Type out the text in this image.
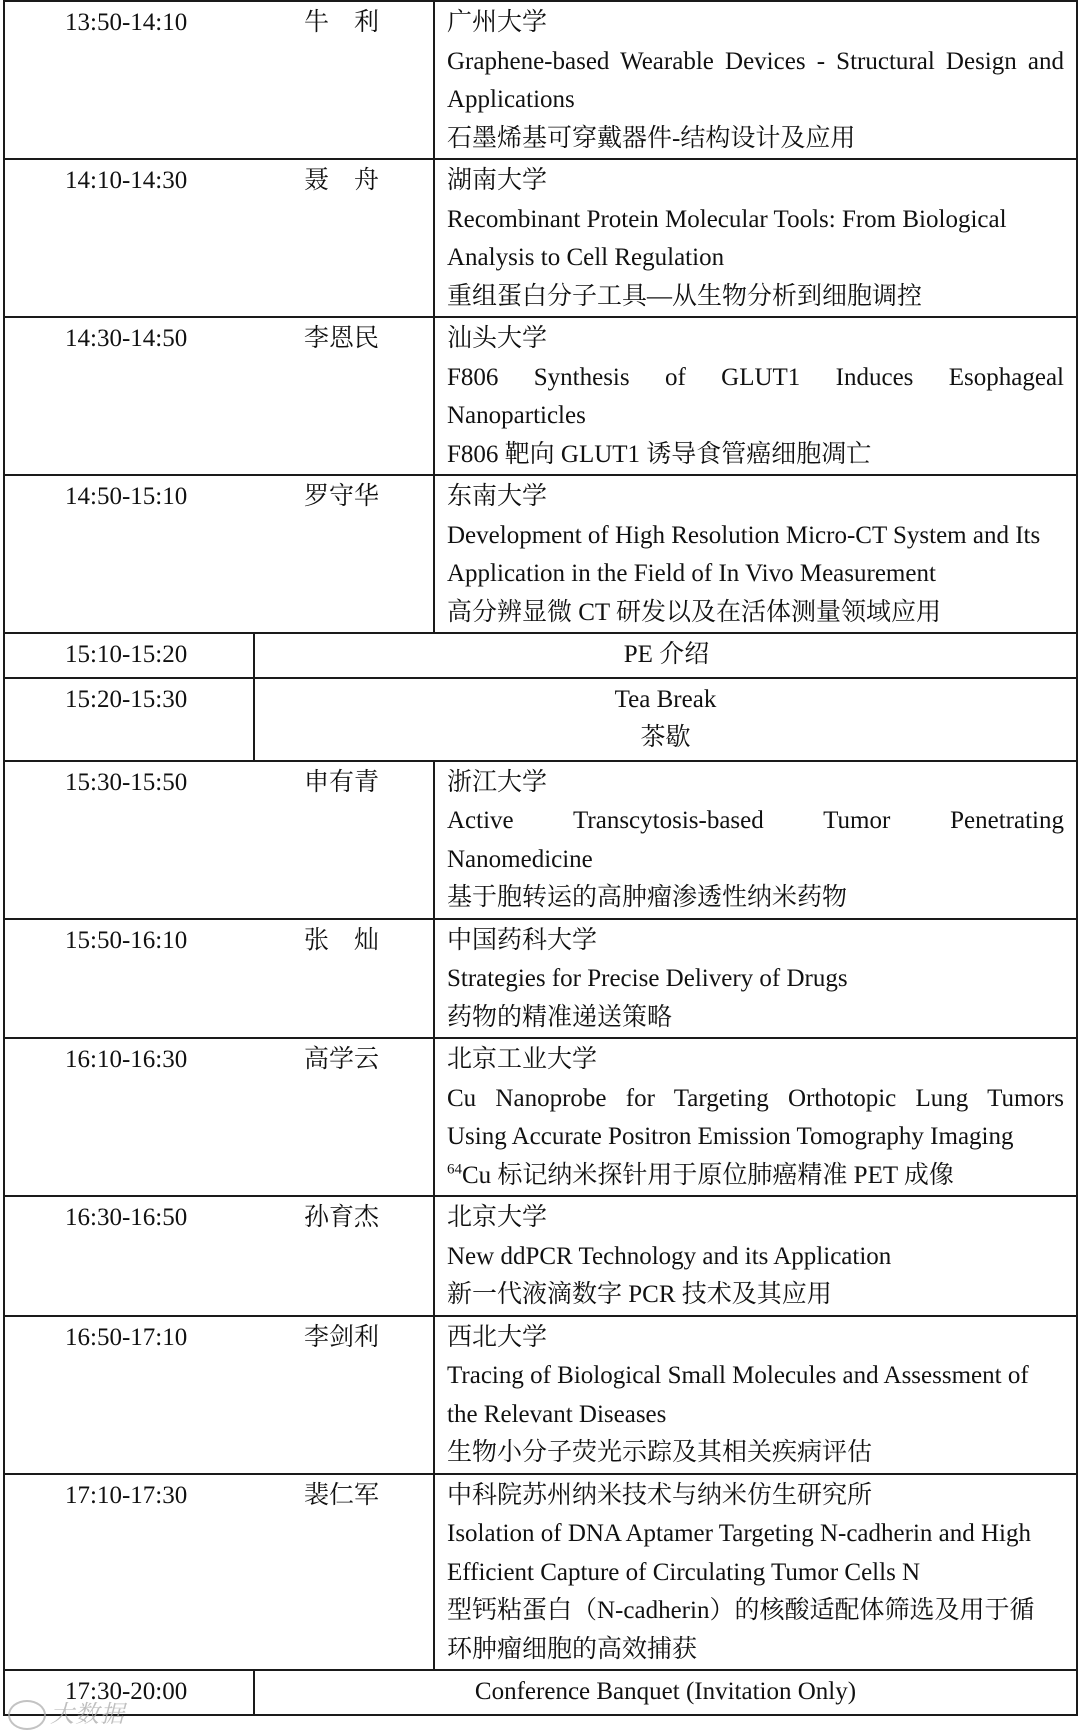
13:50-14:10	牛　利	广州大学

Graphene-based Wearable Devices - Structural Design and

Applications

石墨烯基可穿戴器件-结构设计及应用

14:10-14:30	聂　舟	湖南大学

Recombinant Protein Molecular Tools: From Biological

Analysis to Cell Regulation

重组蛋白分子工具—从生物分析到细胞调控

14:30-14:50	李恩民	汕头大学

F806 Synthesis of GLUT1 Induces Esophageal

Nanoparticles

F806 靶向 GLUT1 诱导食管癌细胞凋亡

14:50-15:10	罗守华	东南大学

Development of High Resolution Micro-CT System and Its

Application in the Field of In Vivo Measurement

高分辨显微 CT 研发以及在活体测量领域应用

15:10-15:20	PE 介绍	
15:20-15:30	Tea Break
茶歇	

15:30-15:50	申有青	浙江大学

Active Transcytosis-based Tumor Penetrating

Nanomedicine

基于胞转运的高肿瘤渗透性纳米药物

15:50-16:10	张　灿	中国药科大学

Strategies for Precise Delivery of Drugs

药物的精准递送策略

16:10-16:30	高学云	北京工业大学

Cu Nanoprobe for Targeting Orthotopic Lung Tumors

Using Accurate Positron Emission Tomography Imaging

$^{64}$Cu 标记纳米探针用于原位肺癌精准 PET 成像

16:30-16:50	孙育杰	北京大学

New ddPCR Technology and its Application

新一代液滴数字 PCR 技术及其应用

16:50-17:10	李剑利	西北大学

Tracing of Biological Small Molecules and Assessment of

the Relevant Diseases

生物小分子荧光示踪及其相关疾病评估

17:10-17:30	裴仁军	中科院苏州纳米技术与纳米仿生研究所

Isolation of DNA Aptamer Targeting N-cadherin and High

Efficient Capture of Circulating Tumor Cells N

型钙粘蛋白（N-cadherin）的核酸适配体筛选及用于循

环肿瘤细胞的高效捕获

17:30-20:00	Conference Banquet (Invitation Only)	
大数据
